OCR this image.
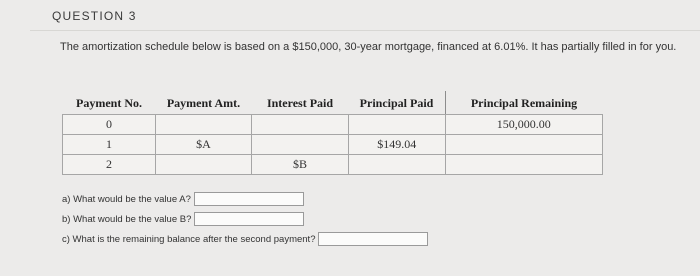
QUESTION 3
The amortization schedule below is based on a $150,000, 30-year mortgage, financed at 6.01%. It has partially filled in for you.
Payment No.	Payment Amt.	Interest Paid	Principal Paid	Principal Remaining
0				150,000.00
1	$A		$149.04	
2		$B		
a) What would be the value A?
b) What would be the value B?
c) What is the remaining balance after the second payment?
